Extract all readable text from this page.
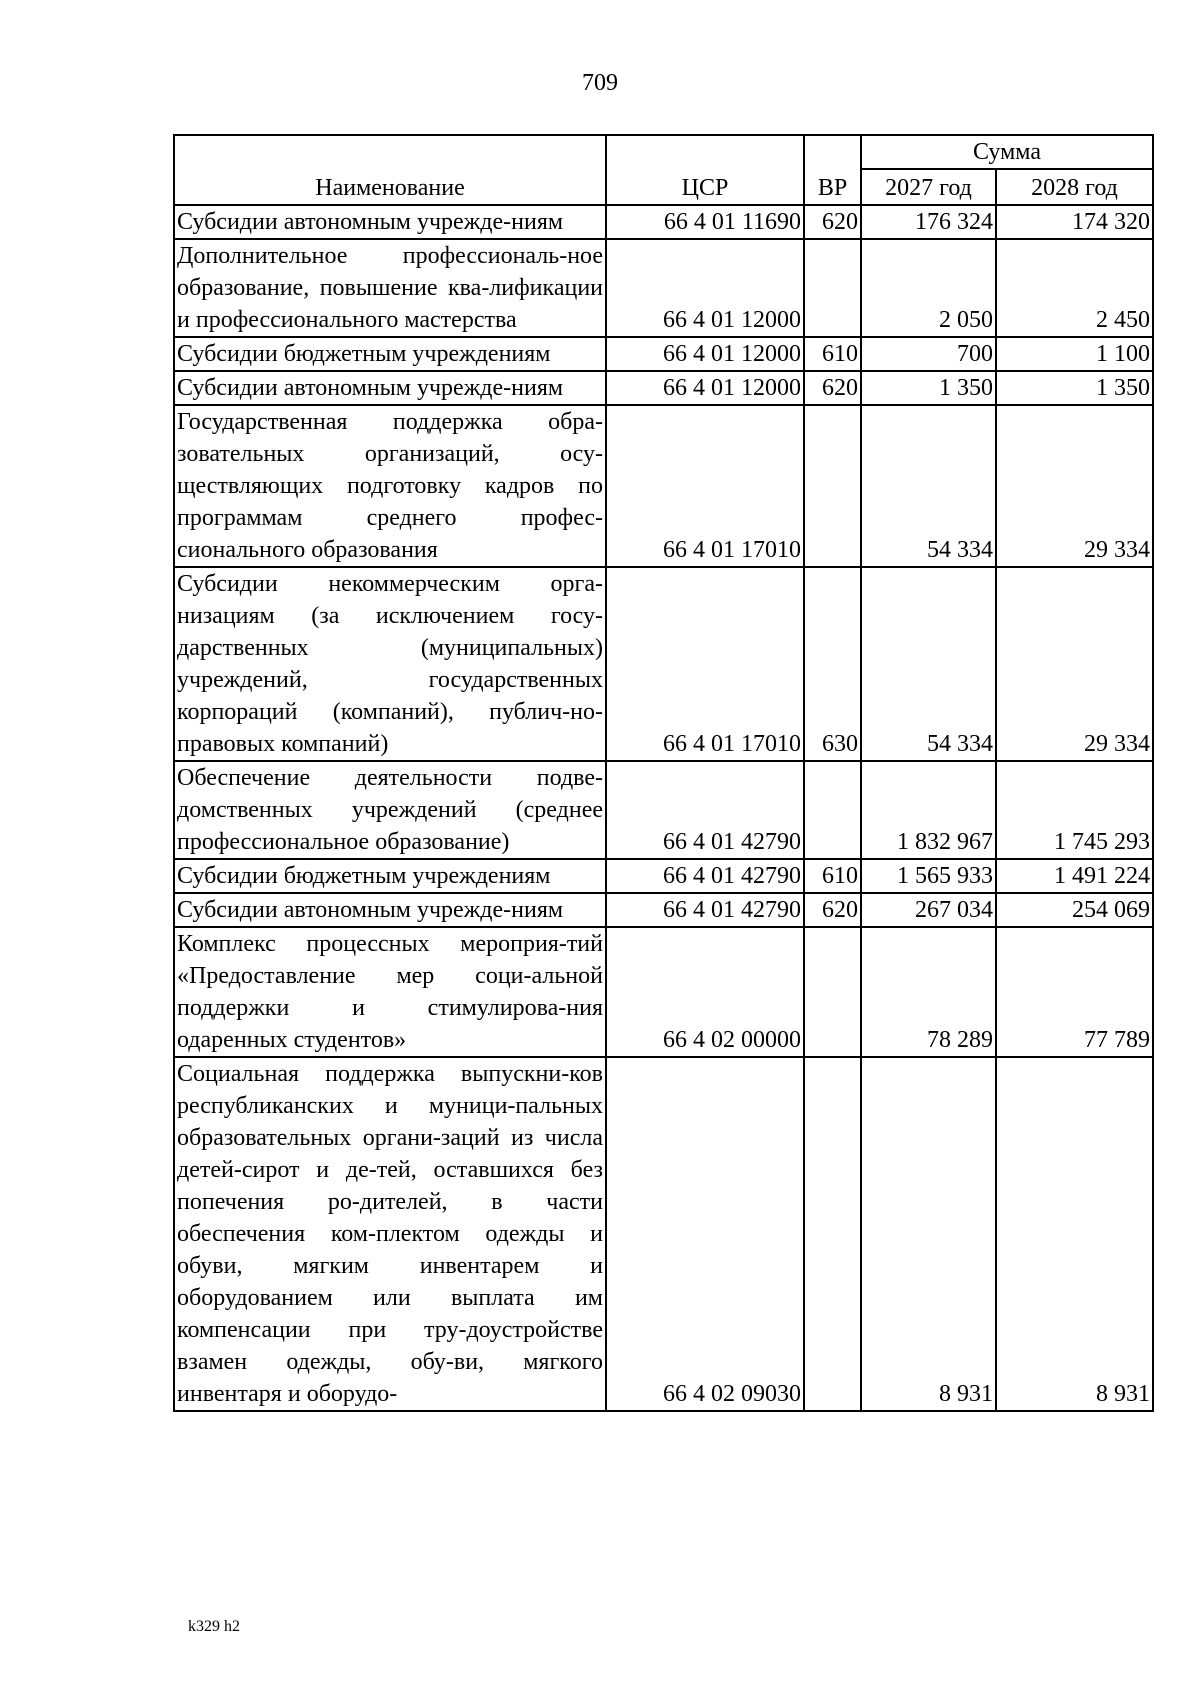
709
Наименование	ЦСР	ВР	Сумма	
			2027 год	2028 год
Субсидии автономным учрежде-ниям	66 4 01 11690	620	176 324	174 320
Дополнительное профессиональ-ное образование, повышение ква-лификации и профессионального мастерства	66 4 01 12000		2 050	2 450
Субсидии бюджетным учреждениям	66 4 01 12000	610	700	1 100
Субсидии автономным учрежде-ниям	66 4 01 12000	620	1 350	1 350
Государственная поддержка обра-зовательных организаций, осу-ществляющих подготовку кадров по программам среднего профес-сионального образования	66 4 01 17010		54 334	29 334
Субсидии некоммерческим орга-низациям (за исключением госу-дарственных (муниципальных) учреждений, государственных корпораций (компаний), публич-но-правовых компаний)	66 4 01 17010	630	54 334	29 334
Обеспечение деятельности подве-домственных учреждений (среднее профессиональное образование)	66 4 01 42790		1 832 967	1 745 293
Субсидии бюджетным учреждениям	66 4 01 42790	610	1 565 933	1 491 224
Субсидии автономным учрежде-ниям	66 4 01 42790	620	267 034	254 069
Комплекс процессных мероприя-тий «Предоставление мер соци-альной поддержки и стимулирова-ния одаренных студентов»	66 4 02 00000		78 289	77 789
Социальная поддержка выпускни-ков республиканских и муници-пальных образовательных органи-заций из числа детей-сирот и де-тей, оставшихся без попечения ро-дителей, в части обеспечения ком-плектом одежды и обуви, мягким инвентарем и оборудованием или выплата им компенсации при тру-доустройстве взамен одежды, обу-ви, мягкого инвентаря и оборудо-	66 4 02 09030		8 931	8 931
k329 h2
